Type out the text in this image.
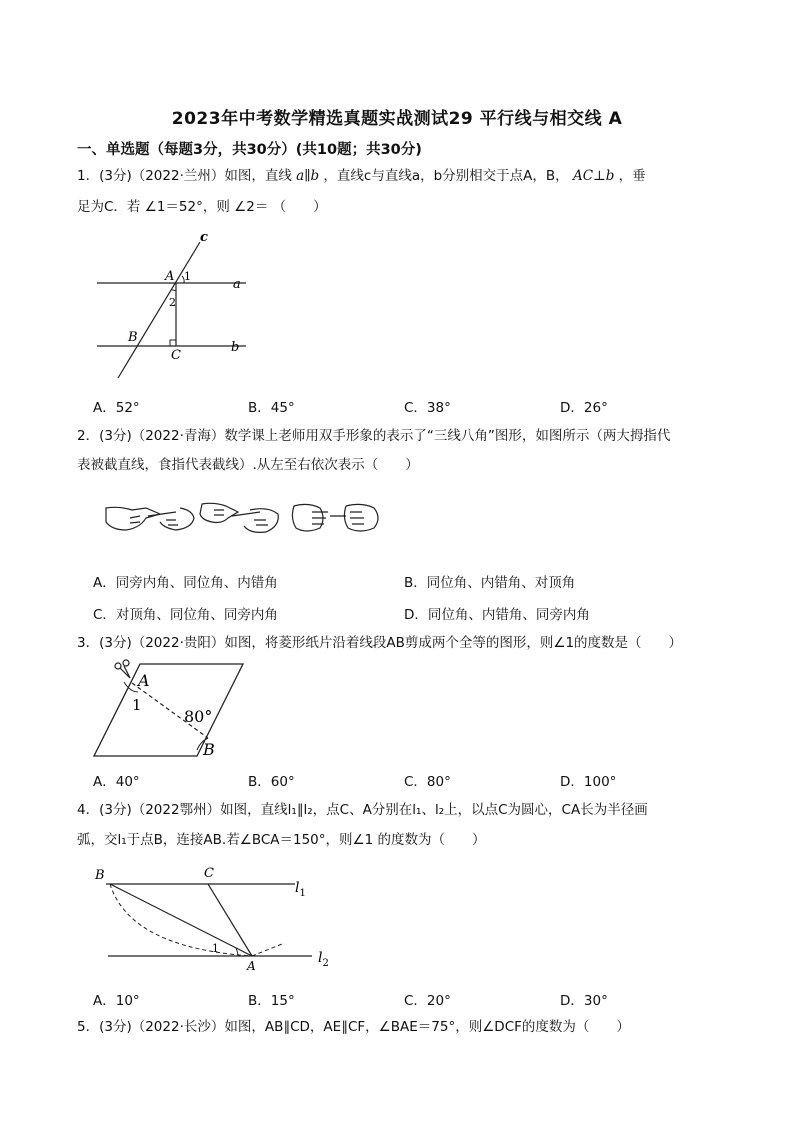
2023年中考数学精选真题实战测试29 平行线与相交线 A
一、单选题（每题3分，共30分）(共10题；共30分)
1．(3分)（2022·兰州）如图，直线 a∥b ，直线c与直线a，b分别相交于点A，B， AC⊥b ，垂
足为C．若 ∠1＝52°，则 ∠2＝ （　　）
c
A 1
a
2
B
C
b
A．52°	B．45°	C．38°	D．26°
2．(3分)（2022·青海）数学课上老师用双手形象的表示了“三线八角”图形，如图所示（两大拇指代
表被截直线，食指代表截线）.从左至右依次表示（　　）
A．同旁内角、同位角、内错角	B．同位角、内错角、对顶角
C．对顶角、同位角、同旁内角	D．同位角、内错角、同旁内角
3．(3分)（2022·贵阳）如图，将菱形纸片沿着线段AB剪成两个全等的图形，则∠1的度数是（　　）
A
1
80°
B
A．40°	B．60°	C．80°	D．100°
4．(3分)（2022鄂州）如图，直线l₁∥l₂，点C、A分别在l₁、l₂上，以点C为圆心，CA长为半径画
弧，交l₁于点B，连接AB.若∠BCA＝150°，则∠1 的度数为（　　）
B	C
$l_1$
1
A	$l_2$
A．10°	B．15°	C．20°	D．30°
5．(3分)（2022·长沙）如图，AB∥CD，AE∥CF，∠BAE＝75°，则∠DCF的度数为（　　）
